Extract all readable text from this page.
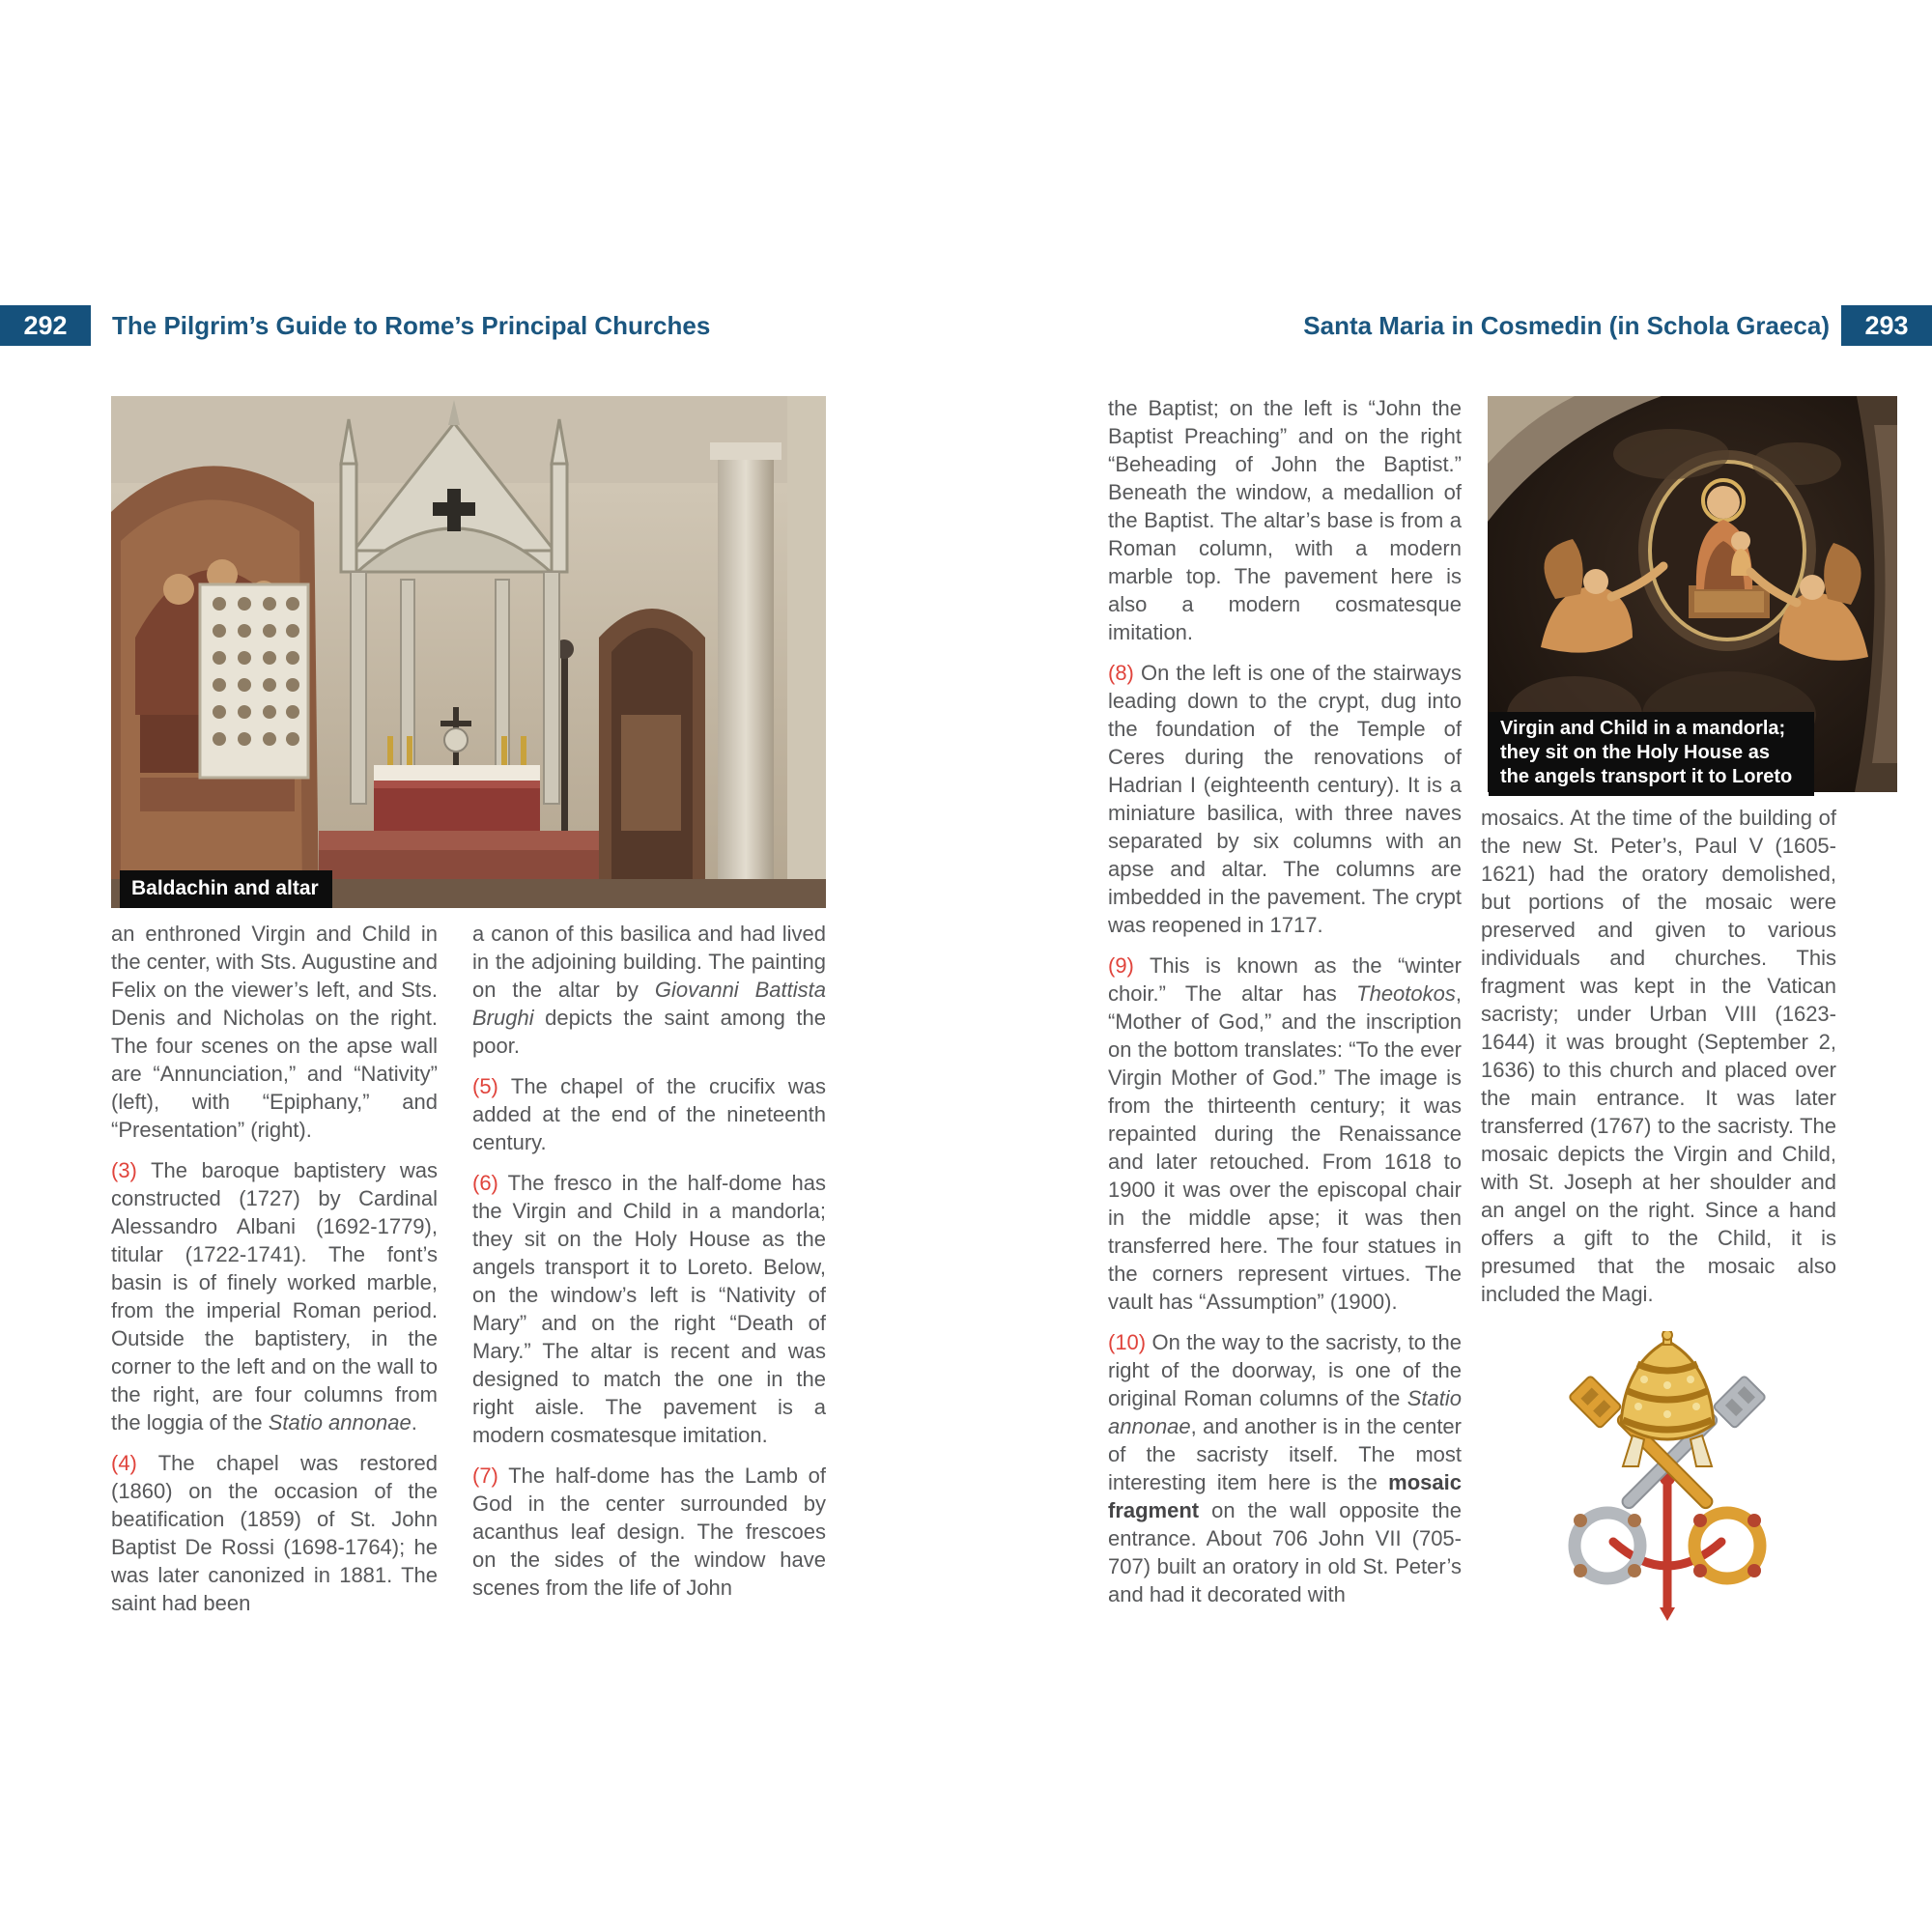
292	The Pilgrim’s Guide to Rome’s Principal Churches	Santa Maria in Cosmedin (in Schola Graeca)	293
Baldachin and altar

an enthroned Virgin and Child in the center, with Sts. Augustine and Felix on the viewer’s left, and Sts. Denis and Nicholas on the right. The four scenes on the apse wall are “Annunciation,” and “Nativity” (left), with “Epiphany,” and “Presentation” (right).

(3) The baroque baptistery was constructed (1727) by Cardinal Alessandro Albani (1692-1779), titular (1722-1741). The font’s basin is of finely worked marble, from the imperial Roman period. Outside the baptistery, in the corner to the left and on the wall to the right, are four columns from the loggia of the Statio annonae.

(4) The chapel was restored (1860) on the occasion of the beatification (1859) of St. John Baptist De Rossi (1698-1764); he was later canonized in 1881. The saint had been

a canon of this basilica and had lived in the adjoining building. The painting on the altar by Giovanni Battista Brughi depicts the saint among the poor.

(5) The chapel of the crucifix was added at the end of the nineteenth century.

(6) The fresco in the half-dome has the Virgin and Child in a mandorla; they sit on the Holy House as the angels transport it to Loreto. Below, on the window’s left is “Nativity of Mary” and on the right “Death of Mary.” The altar is recent and was designed to match the one in the right aisle. The pavement is a modern cosmatesque imitation.

(7) The half-dome has the Lamb of God in the center surrounded by acanthus leaf design. The frescoes on the sides of the window have scenes from the life of John

the Baptist; on the left is “John the Baptist Preaching” and on the right “Beheading of John the Baptist.” Beneath the window, a medallion of the Baptist. The altar’s base is from a Roman column, with a modern marble top. The pavement here is also a modern cosmatesque imitation.

(8) On the left is one of the stairways leading down to the crypt, dug into the foundation of the Temple of Ceres during the renovations of Hadrian I (eighteenth century). It is a miniature basilica, with three naves separated by six columns with an apse and altar. The columns are imbedded in the pavement. The crypt was reopened in 1717.

(9) This is known as the “winter choir.” The altar has Theotokos, “Mother of God,” and the inscription on the bottom translates: “To the ever Virgin Mother of God.” The image is from the thirteenth century; it was repainted during the Renaissance and later retouched. From 1618 to 1900 it was over the episcopal chair in the middle apse; it was then transferred here. The four statues in the corners represent virtues. The vault has “Assumption” (1900).

(10) On the way to the sacristy, to the right of the doorway, is one of the original Roman columns of the Statio annonae, and another is in the center of the sacristy itself. The most interesting item here is the mosaic fragment on the wall opposite the entrance. About 706 John VII (705-707) built an oratory in old St. Peter’s and had it decorated with

mosaics. At the time of the building of the new St. Peter’s, Paul V (1605-1621) had the oratory demolished, but portions of the mosaic were preserved and given to various individuals and churches. This fragment was kept in the Vatican sacristy; under Urban VIII (1623-1644) it was brought (September 2, 1636) to this church and placed over the main entrance. It was later transferred (1767) to the sacristy. The mosaic depicts the Virgin and Child, with St. Joseph at her shoulder and an angel on the right. Since a hand offers a gift to the Child, it is presumed that the mosaic also included the Magi.

Virgin and Child in a mandorla; they sit on the Holy House as the angels transport it to Loreto
